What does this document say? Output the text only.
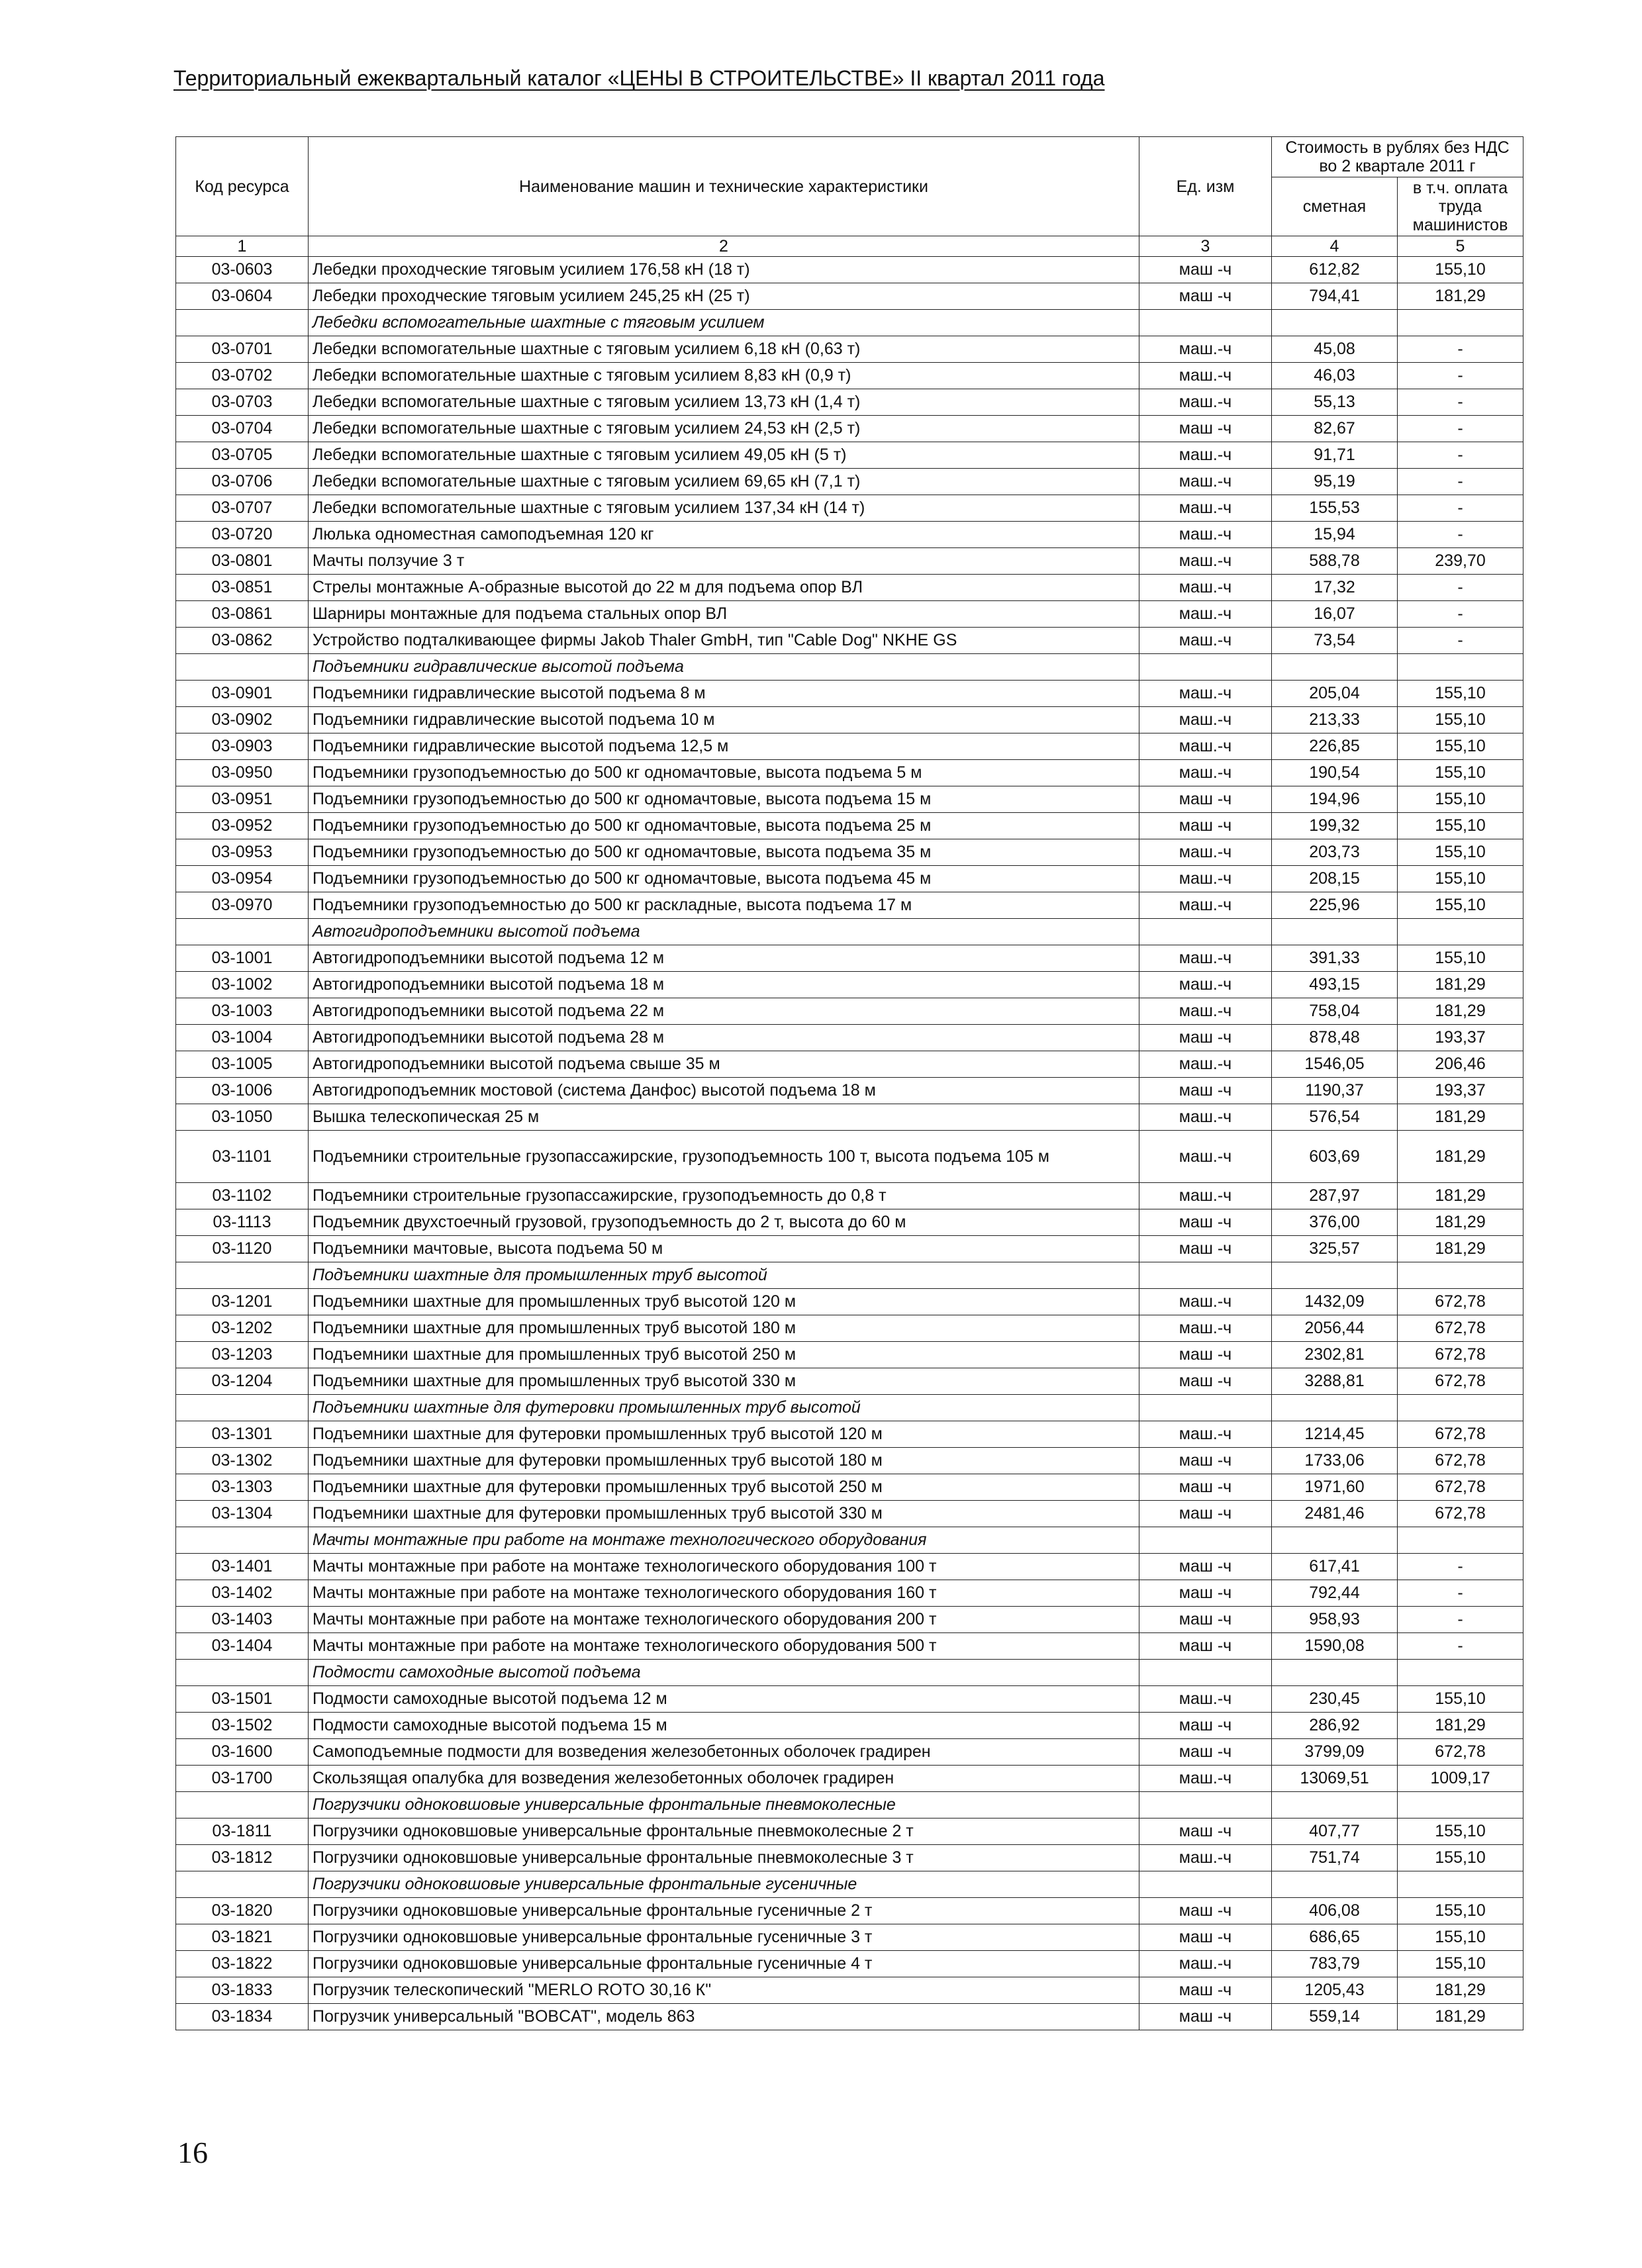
Территориальный ежеквартальный каталог «ЦЕНЫ В СТРОИТЕЛЬСТВЕ» II квартал 2011 года
Код ресурса	Наименование машин и технические характеристики	Ед. изм	Стоимость в рублях без НДС во 2 квартале 2011 г	
			сметная	в т.ч. оплата труда машинистов
1	2	3	4	5
03-0603	Лебедки проходческие тяговым усилием 176,58 кН (18 т)	маш -ч	612,82	155,10
03-0604	Лебедки проходческие тяговым усилием 245,25 кН (25 т)	маш -ч	794,41	181,29
	Лебедки вспомогательные шахтные с тяговым усилием			
03-0701	Лебедки вспомогательные шахтные с тяговым усилием 6,18 кН (0,63 т)	маш.-ч	45,08	-
03-0702	Лебедки вспомогательные шахтные с тяговым усилием 8,83 кН (0,9 т)	маш.-ч	46,03	-
03-0703	Лебедки вспомогательные шахтные с тяговым усилием 13,73 кН (1,4 т)	маш.-ч	55,13	-
03-0704	Лебедки вспомогательные шахтные с тяговым усилием 24,53 кН (2,5 т)	маш -ч	82,67	-
03-0705	Лебедки вспомогательные шахтные с тяговым усилием 49,05 кН (5 т)	маш.-ч	91,71	-
03-0706	Лебедки вспомогательные шахтные с тяговым усилием 69,65 кН (7,1 т)	маш.-ч	95,19	-
03-0707	Лебедки вспомогательные шахтные с тяговым усилием 137,34 кН (14 т)	маш.-ч	155,53	-
03-0720	Люлька одноместная самоподъемная 120 кг	маш.-ч	15,94	-
03-0801	Мачты ползучие 3 т	маш.-ч	588,78	239,70
03-0851	Стрелы монтажные А-образные высотой до 22 м для подъема опор ВЛ	маш.-ч	17,32	-
03-0861	Шарниры монтажные для подъема стальных опор ВЛ	маш.-ч	16,07	-
03-0862	Устройство подталкивающее фирмы Jakob Thaler GmbH, тип "Cable Dog" NKHE GS	маш.-ч	73,54	-
	Подъемники гидравлические высотой подъема			
03-0901	Подъемники гидравлические высотой подъема 8 м	маш.-ч	205,04	155,10
03-0902	Подъемники гидравлические высотой подъема 10 м	маш.-ч	213,33	155,10
03-0903	Подъемники гидравлические высотой подъема 12,5 м	маш.-ч	226,85	155,10
03-0950	Подъемники грузоподъемностью до 500 кг одномачтовые, высота подъема 5 м	маш.-ч	190,54	155,10
03-0951	Подъемники грузоподъемностью до 500 кг одномачтовые, высота подъема 15 м	маш -ч	194,96	155,10
03-0952	Подъемники грузоподъемностью до 500 кг одномачтовые, высота подъема 25 м	маш -ч	199,32	155,10
03-0953	Подъемники грузоподъемностью до 500 кг одномачтовые, высота подъема 35 м	маш.-ч	203,73	155,10
03-0954	Подъемники грузоподъемностью до 500 кг одномачтовые, высота подъема 45 м	маш.-ч	208,15	155,10
03-0970	Подъемники грузоподъемностью до 500 кг раскладные, высота подъема 17 м	маш.-ч	225,96	155,10
	Автогидроподъемники высотой подъема			
03-1001	Автогидроподъемники высотой подъема 12 м	маш.-ч	391,33	155,10
03-1002	Автогидроподъемники высотой подъема 18 м	маш.-ч	493,15	181,29
03-1003	Автогидроподъемники высотой подъема 22 м	маш.-ч	758,04	181,29
03-1004	Автогидроподъемники высотой подъема 28 м	маш -ч	878,48	193,37
03-1005	Автогидроподъемники высотой подъема свыше 35 м	маш.-ч	1546,05	206,46
03-1006	Автогидроподъемник мостовой (система Данфос) высотой подъема 18 м	маш -ч	1190,37	193,37
03-1050	Вышка телескопическая 25 м	маш.-ч	576,54	181,29
03-1101	Подъемники строительные грузопассажирские, грузоподъемность 100 т, высота подъема 105 м	маш.-ч	603,69	181,29
03-1102	Подъемники строительные грузопассажирские, грузоподъемность до 0,8 т	маш.-ч	287,97	181,29
03-1113	Подъемник двухстоечный грузовой, грузоподъемность до 2 т, высота до 60 м	маш -ч	376,00	181,29
03-1120	Подъемники мачтовые, высота подъема 50 м	маш -ч	325,57	181,29
	Подъемники шахтные для промышленных труб высотой			
03-1201	Подъемники шахтные для промышленных труб высотой 120 м	маш.-ч	1432,09	672,78
03-1202	Подъемники шахтные для промышленных труб высотой 180 м	маш.-ч	2056,44	672,78
03-1203	Подъемники шахтные для промышленных труб высотой 250 м	маш -ч	2302,81	672,78
03-1204	Подъемники шахтные для промышленных труб высотой 330 м	маш -ч	3288,81	672,78
	Подъемники шахтные для футеровки промышленных труб высотой			
03-1301	Подъемники шахтные для футеровки промышленных труб высотой 120 м	маш.-ч	1214,45	672,78
03-1302	Подъемники шахтные для футеровки промышленных труб высотой 180 м	маш -ч	1733,06	672,78
03-1303	Подъемники шахтные для футеровки промышленных труб высотой 250 м	маш -ч	1971,60	672,78
03-1304	Подъемники шахтные для футеровки промышленных труб высотой 330 м	маш -ч	2481,46	672,78
	Мачты монтажные при работе на монтаже технологического оборудования			
03-1401	Мачты монтажные при работе на монтаже технологического оборудования 100 т	маш -ч	617,41	-
03-1402	Мачты монтажные при работе на монтаже технологического оборудования 160 т	маш -ч	792,44	-
03-1403	Мачты монтажные при работе на монтаже технологического оборудования 200 т	маш -ч	958,93	-
03-1404	Мачты монтажные при работе на монтаже технологического оборудования 500 т	маш -ч	1590,08	-
	Подмости самоходные высотой подъема			
03-1501	Подмости самоходные высотой подъема 12 м	маш.-ч	230,45	155,10
03-1502	Подмости самоходные высотой подъема 15 м	маш -ч	286,92	181,29
03-1600	Самоподъемные подмости для возведения железобетонных оболочек градирен	маш -ч	3799,09	672,78
03-1700	Скользящая опалубка для возведения железобетонных оболочек градирен	маш.-ч	13069,51	1009,17
	Погрузчики одноковшовые универсальные фронтальные пневмоколесные			
03-1811	Погрузчики одноковшовые универсальные фронтальные пневмоколесные 2 т	маш -ч	407,77	155,10
03-1812	Погрузчики одноковшовые универсальные фронтальные пневмоколесные 3 т	маш.-ч	751,74	155,10
	Погрузчики одноковшовые универсальные фронтальные гусеничные			
03-1820	Погрузчики одноковшовые универсальные фронтальные гусеничные 2 т	маш -ч	406,08	155,10
03-1821	Погрузчики одноковшовые универсальные фронтальные гусеничные 3 т	маш -ч	686,65	155,10
03-1822	Погрузчики одноковшовые универсальные фронтальные гусеничные 4 т	маш.-ч	783,79	155,10
03-1833	Погрузчик телескопический "MERLO ROTO 30,16 К"	маш -ч	1205,43	181,29
03-1834	Погрузчик универсальный "BOBCAT", модель 863	маш -ч	559,14	181,29
16
